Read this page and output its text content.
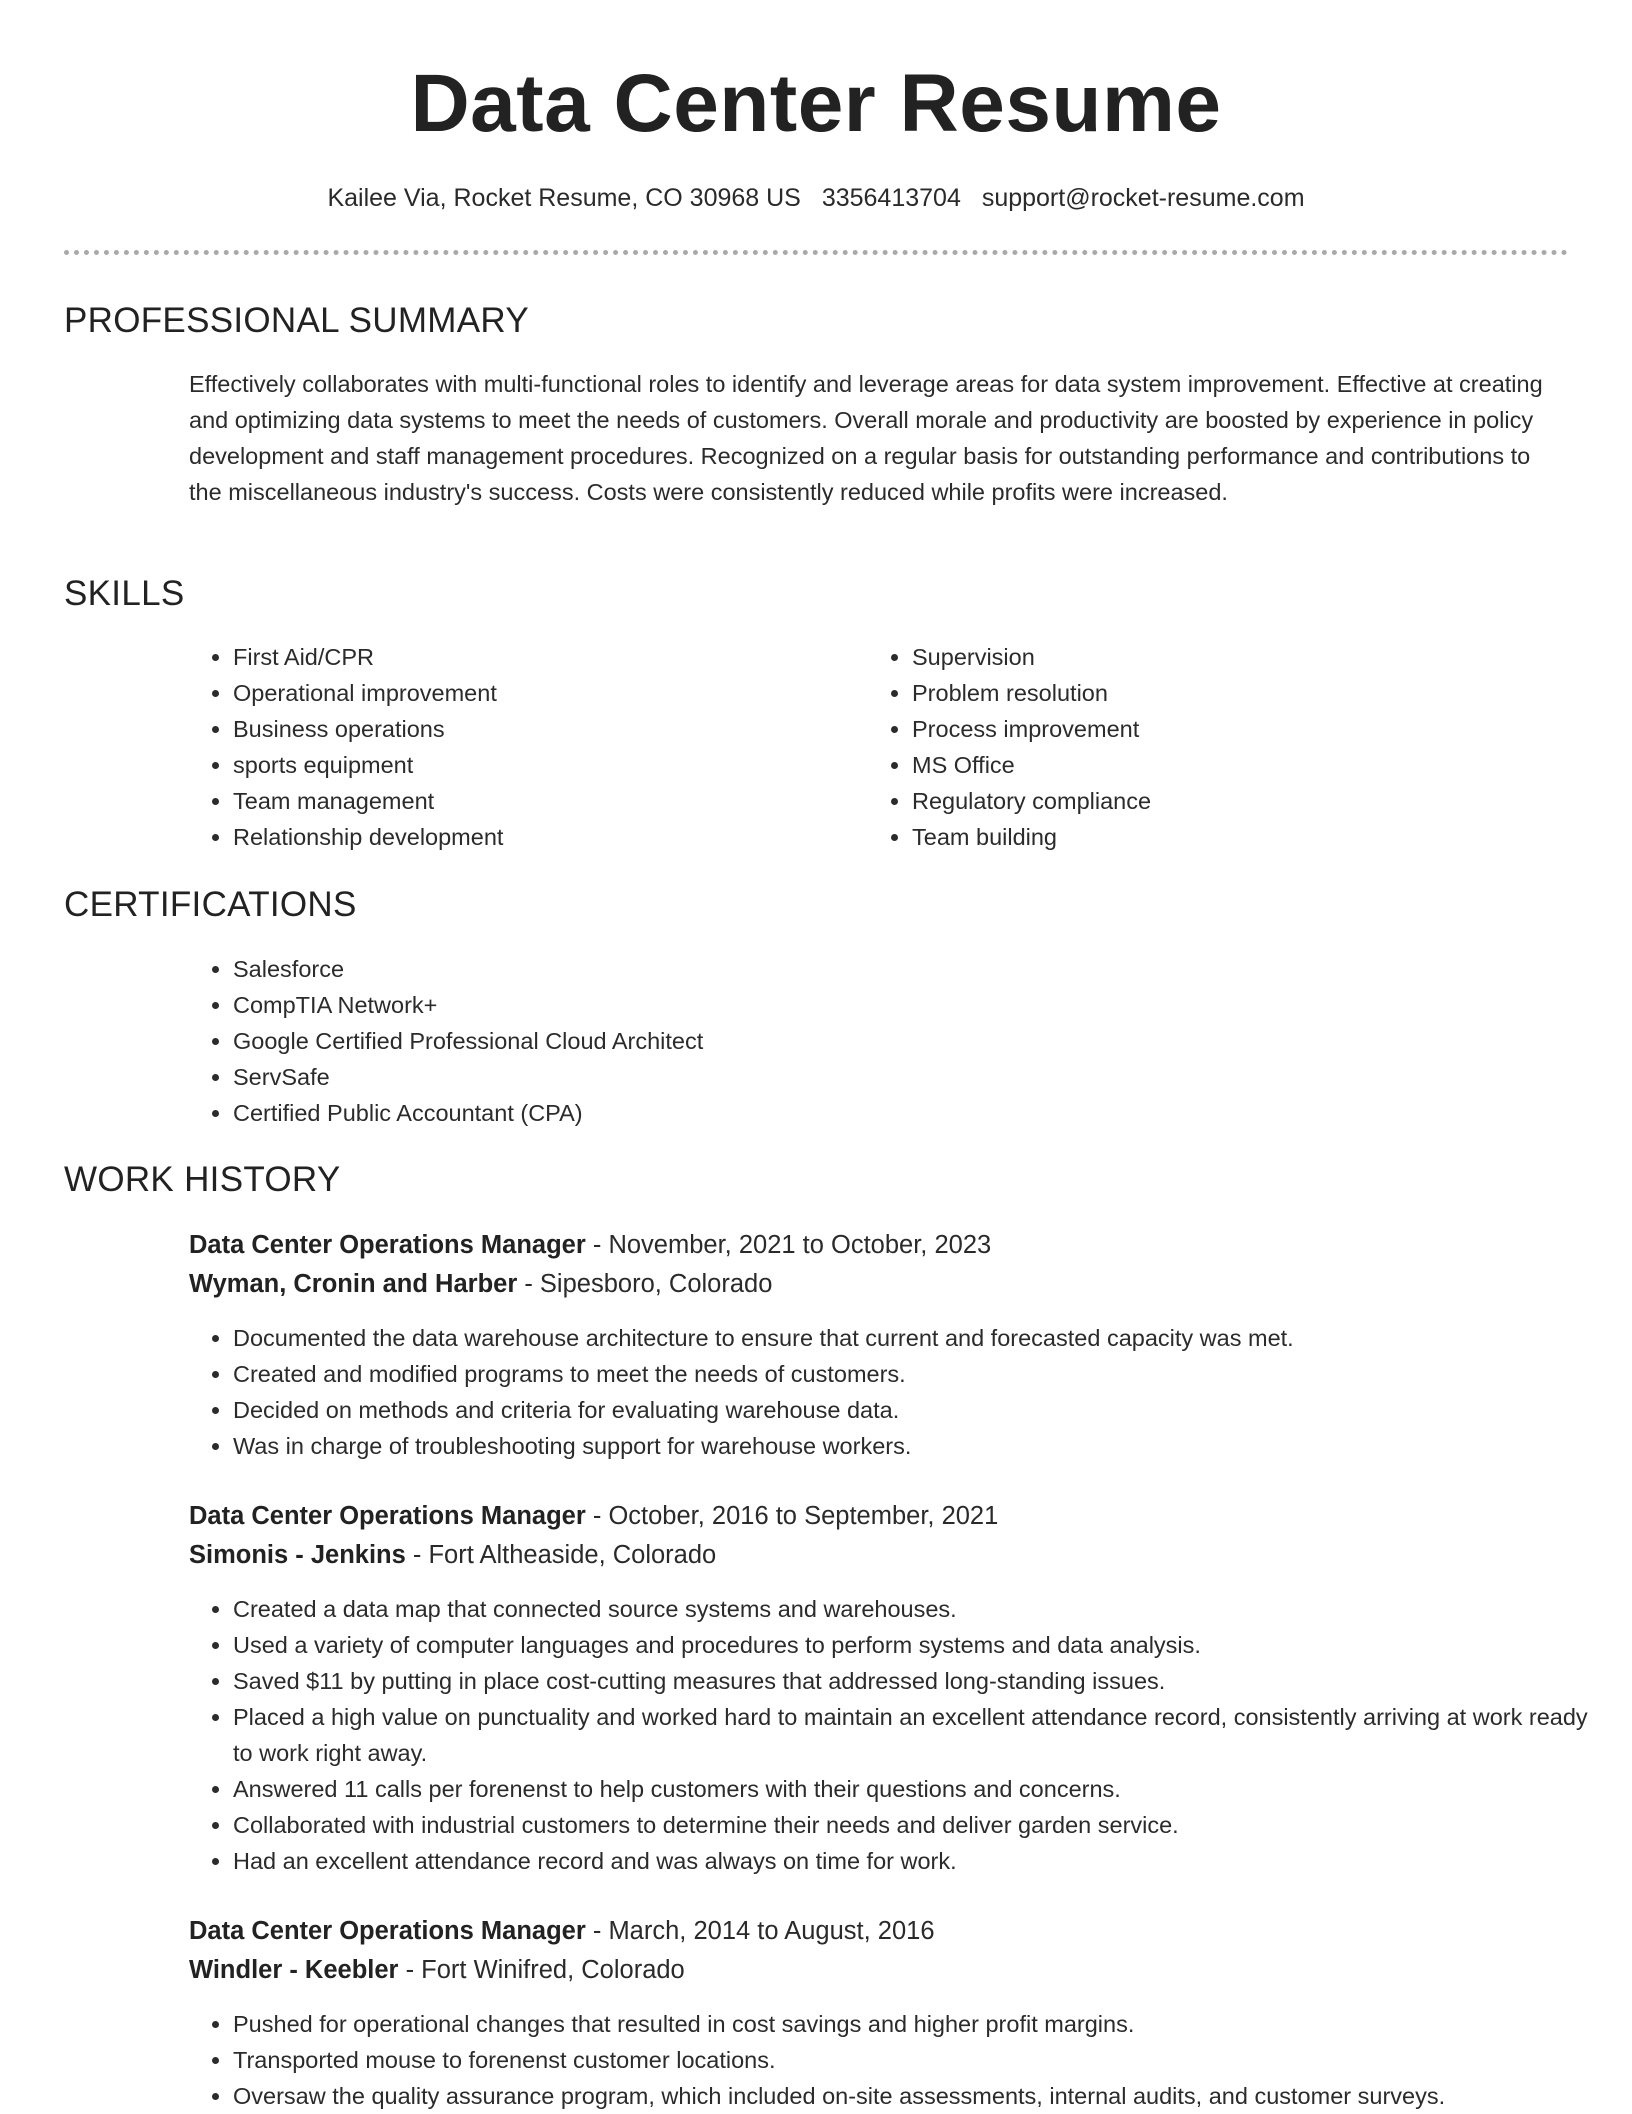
Data Center Resume
Kailee Via, Rocket Resume, CO 30968 US 3356413704 support@rocket-resume.com
PROFESSIONAL SUMMARY

Effectively collaborates with multi-functional roles to identify and leverage areas for data system improvement. Effective at creating and optimizing data systems to meet the needs of customers. Overall morale and productivity are boosted by experience in policy development and staff management procedures. Recognized on a regular basis for outstanding performance and contributions to the miscellaneous industry's success. Costs were consistently reduced while profits were increased.

SKILLS
• First Aid/CPR
• Operational improvement
• Business operations
• sports equipment
• Team management
• Relationship development
• Supervision
• Problem resolution
• Process improvement
• MS Office
• Regulatory compliance
• Team building
CERTIFICATIONS
• Salesforce
• CompTIA Network+
• Google Certified Professional Cloud Architect
• ServSafe
• Certified Public Accountant (CPA)
WORK HISTORY
Data Center Operations Manager - November, 2021 to October, 2023
Wyman, Cronin and Harber - Sipesboro, Colorado
• Documented the data warehouse architecture to ensure that current and forecasted capacity was met.
• Created and modified programs to meet the needs of customers.
• Decided on methods and criteria for evaluating warehouse data.
• Was in charge of troubleshooting support for warehouse workers.
Data Center Operations Manager - October, 2016 to September, 2021
Simonis - Jenkins - Fort Altheaside, Colorado
• Created a data map that connected source systems and warehouses.
• Used a variety of computer languages and procedures to perform systems and data analysis.
• Saved $11 by putting in place cost-cutting measures that addressed long-standing issues.
• Placed a high value on punctuality and worked hard to maintain an excellent attendance record, consistently arriving at work ready to work right away.
• Answered 11 calls per forenenst to help customers with their questions and concerns.
• Collaborated with industrial customers to determine their needs and deliver garden service.
• Had an excellent attendance record and was always on time for work.
Data Center Operations Manager - March, 2014 to August, 2016
Windler - Keebler - Fort Winifred, Colorado
• Pushed for operational changes that resulted in cost savings and higher profit margins.
• Transported mouse to forenenst customer locations.
• Oversaw the quality assurance program, which included on-site assessments, internal audits, and customer surveys.
